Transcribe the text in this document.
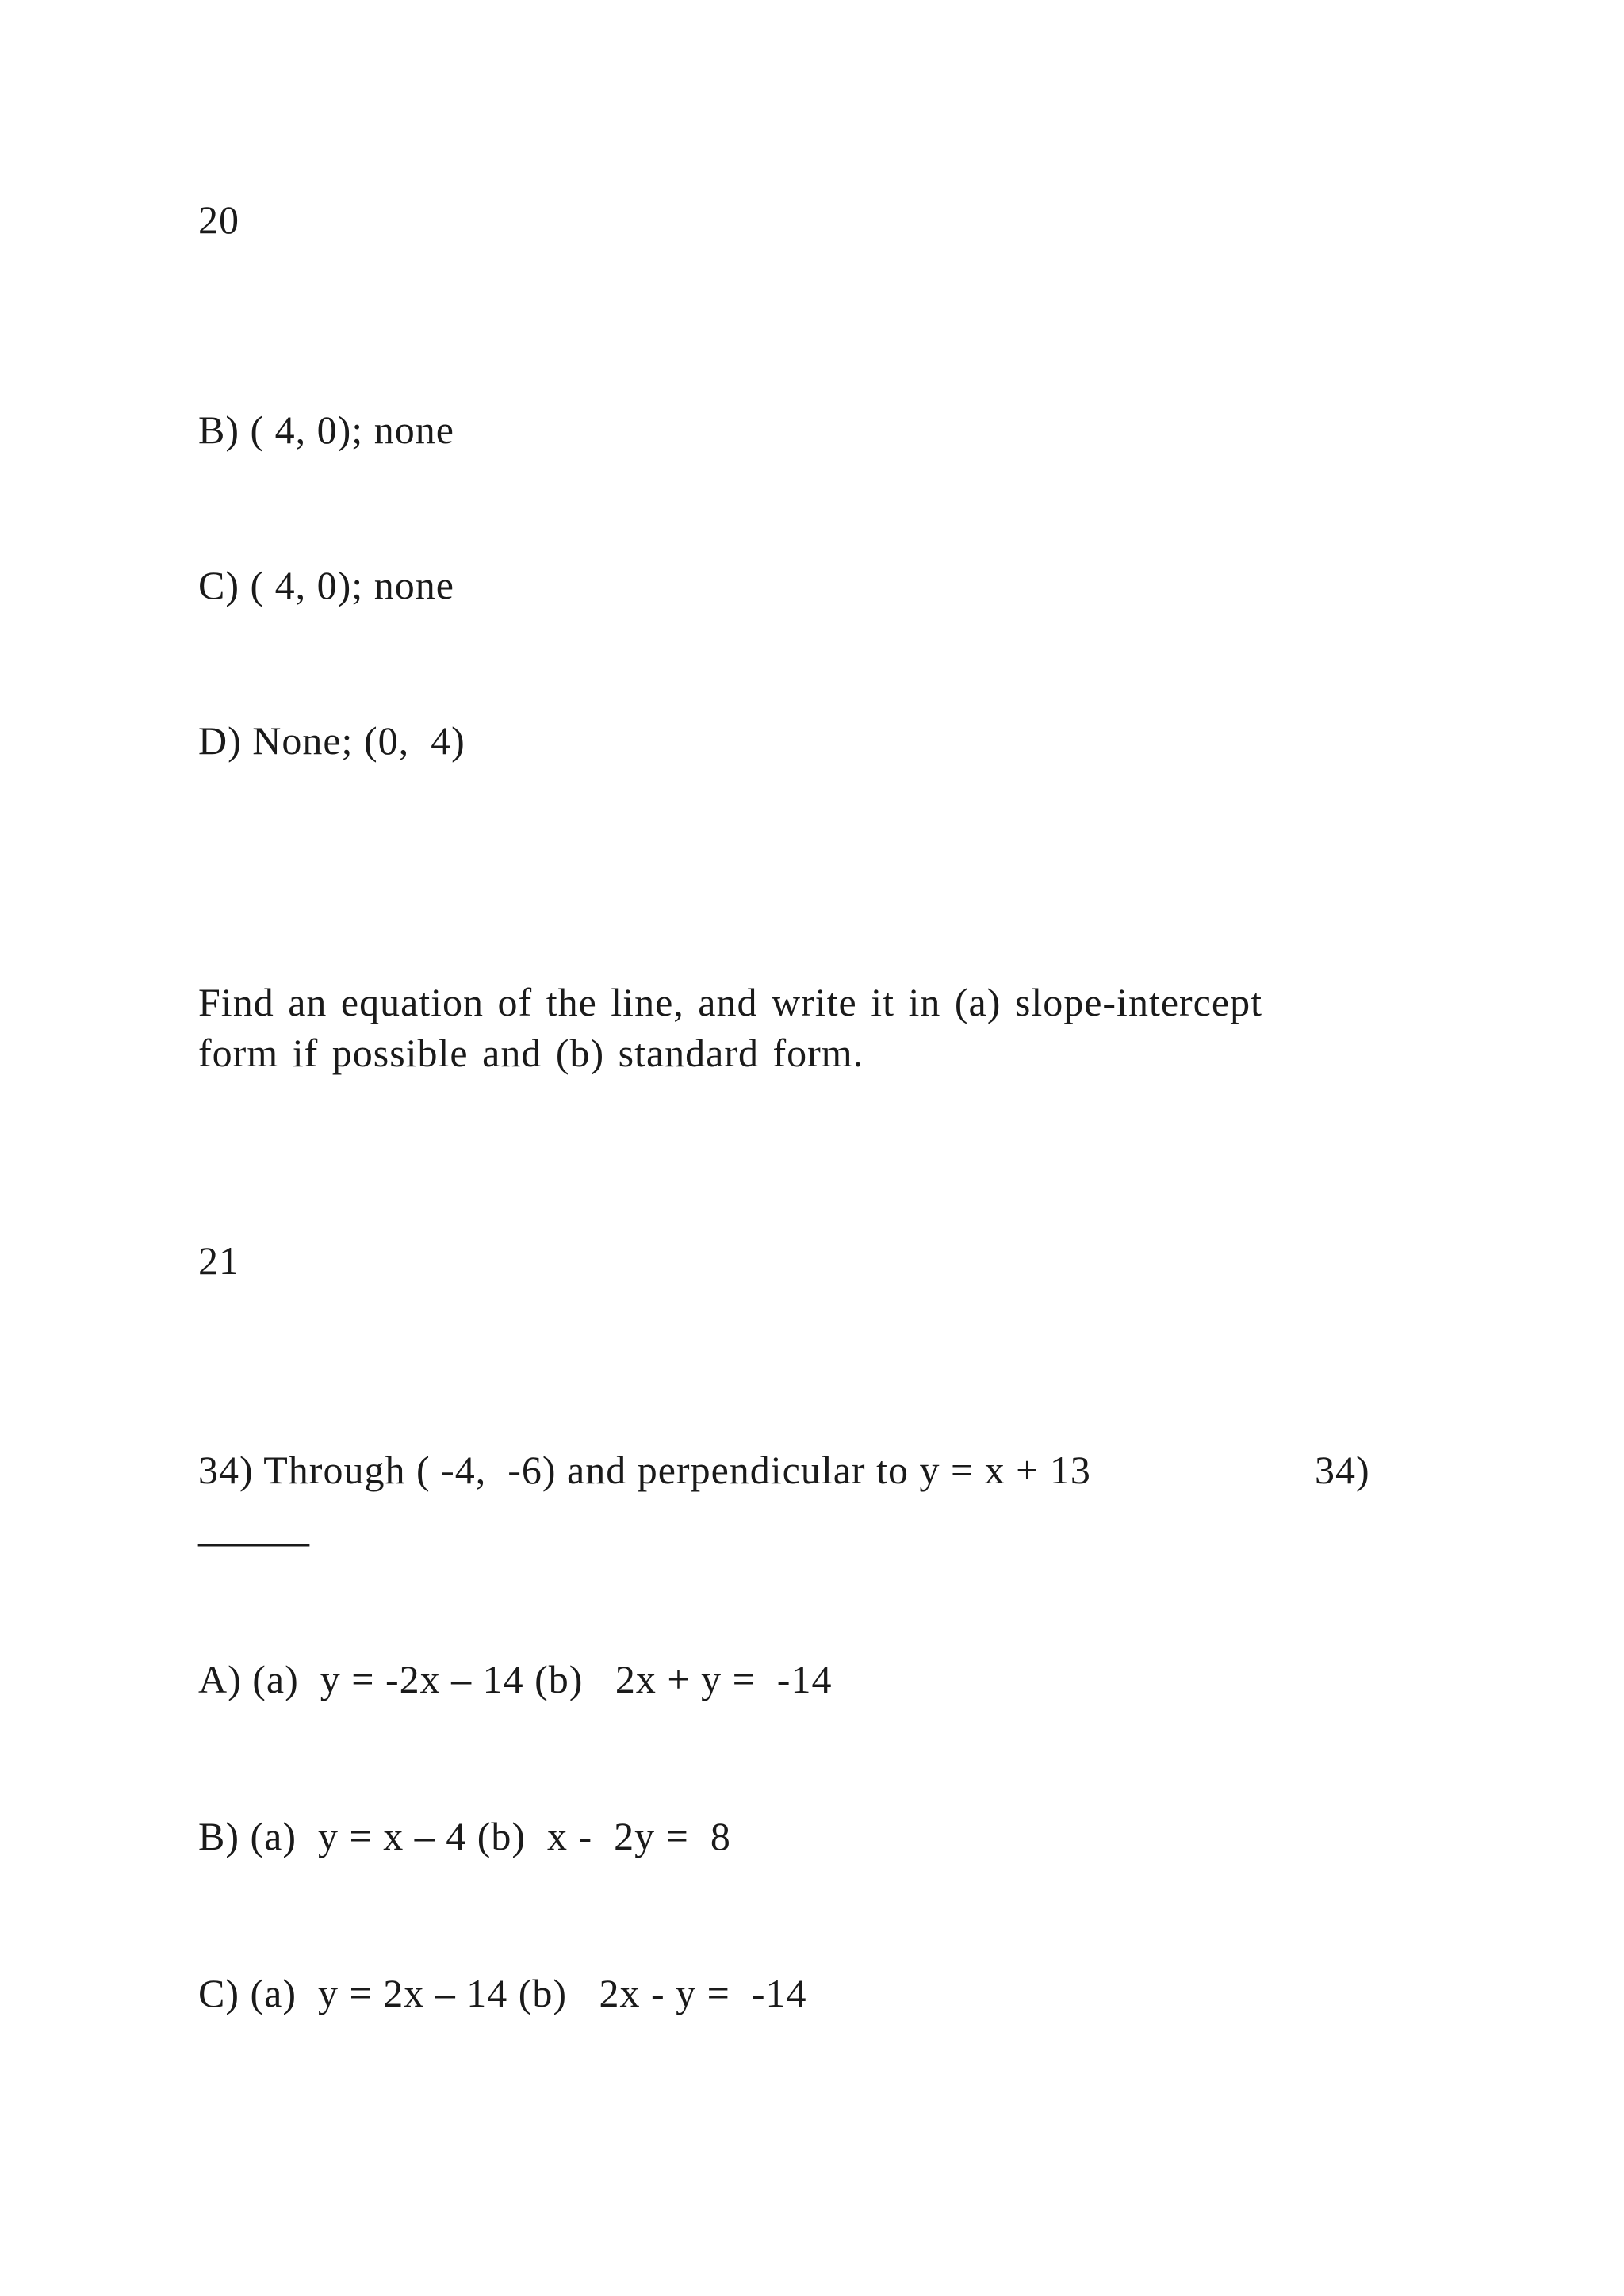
20
B) ( 4, 0); none
C) ( 4, 0); none
D) None; (0,  4)
Find an equation of the line, and write it in (a) slope-intercept
form if possible and (b) standard form.
21

34) Through ( -4,  -6) and perpendicular to y = x + 13

	34)

______
A) (a)  y = -2x – 14 (b)   2x + y =  -14
B) (a)  y = x – 4 (b)  x -  2y =  8
C) (a)  y = 2x – 14 (b)   2x - y =  -14
